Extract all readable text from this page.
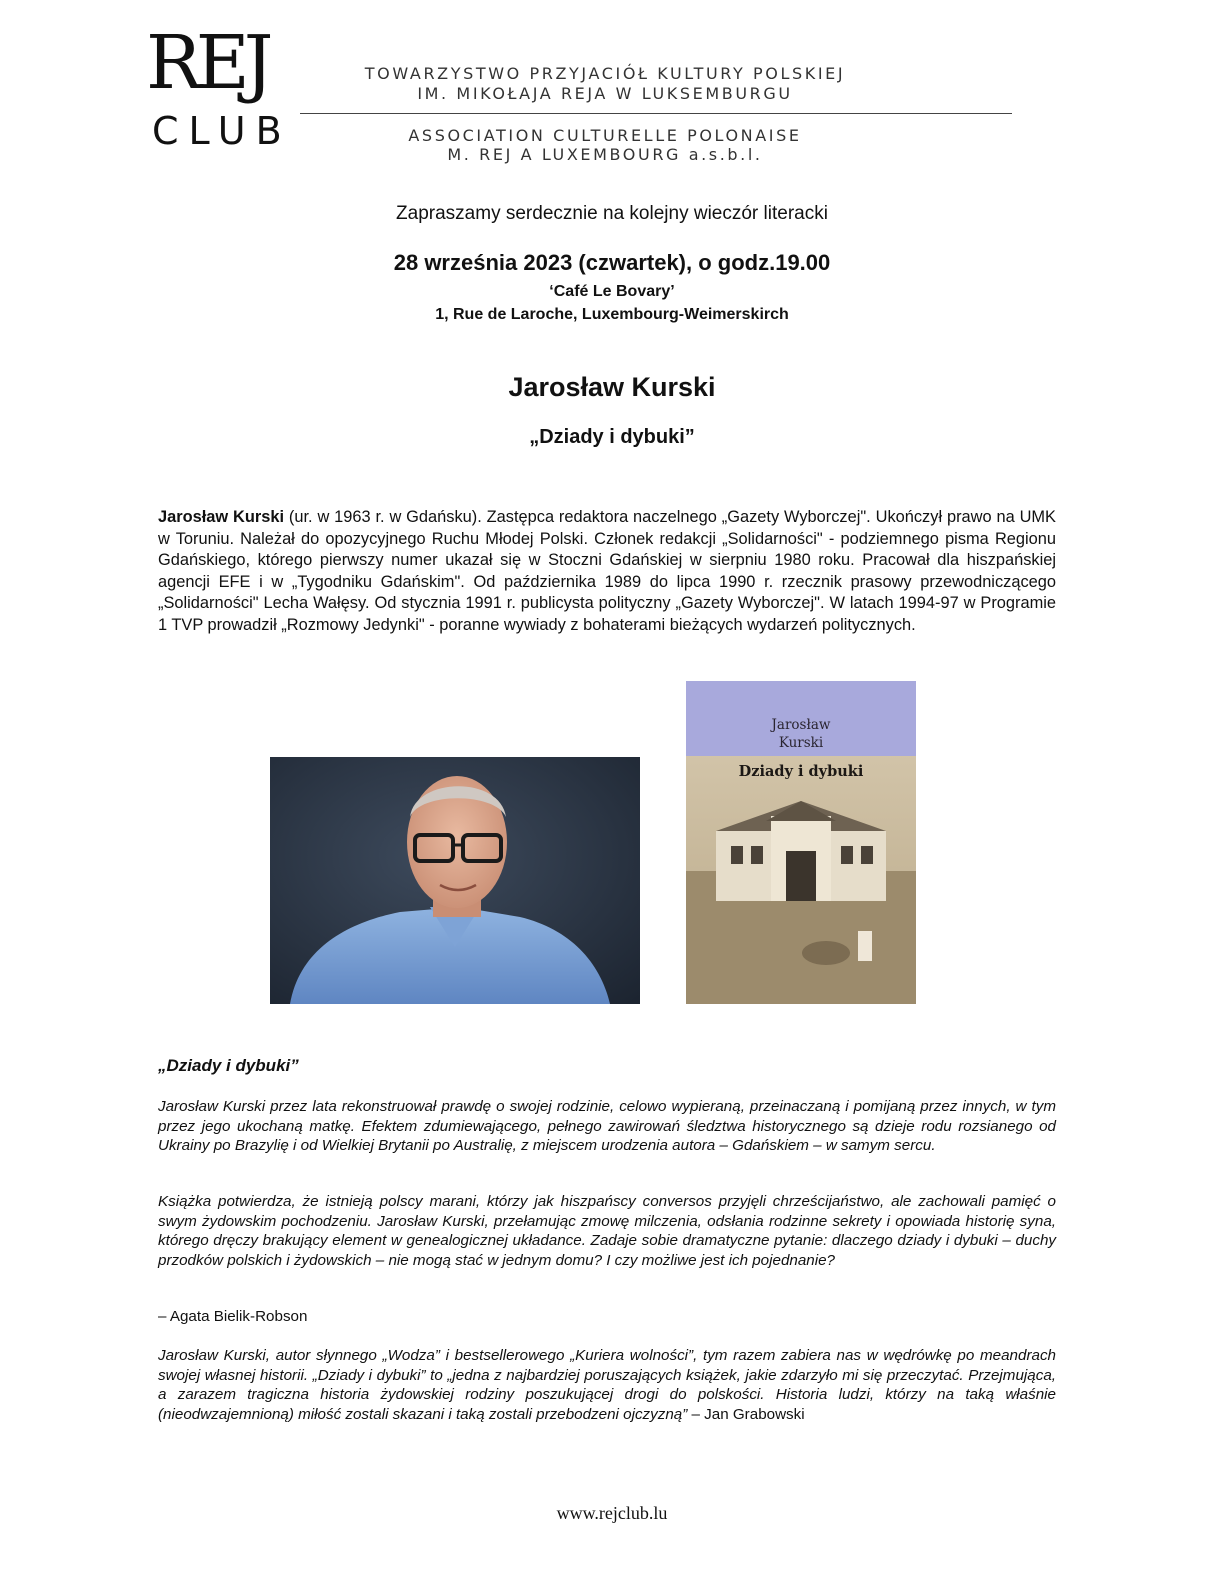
REJ
CLUB
TOWARZYSTWO PRZYJACIÓŁ KULTURY POLSKIEJ
IM. MIKOŁAJA REJA W LUKSEMBURGU
ASSOCIATION CULTURELLE POLONAISE
M. REJ A LUXEMBOURG a.s.b.l.
Zapraszamy serdecznie na kolejny wieczór literacki
28 września 2023 (czwartek), o godz.19.00
‘Café Le Bovary’
1, Rue de Laroche, Luxembourg-Weimerskirch
Jarosław Kurski
„Dziady i dybuki”
Jarosław Kurski (ur. w 1963 r. w Gdańsku). Zastępca redaktora naczelnego „Gazety Wyborczej". Ukończył prawo na UMK w Toruniu. Należał do opozycyjnego Ruchu Młodej Polski. Członek redakcji „Solidarności" - podziemnego pisma Regionu Gdańskiego, którego pierwszy numer ukazał się w Stoczni Gdańskiej w sierpniu 1980 roku. Pracował dla hiszpańskiej agencji EFE i w „Tygodniku Gdańskim". Od października 1989 do lipca 1990 r. rzecznik prasowy przewodniczącego „Solidarności" Lecha Wałęsy. Od stycznia 1991 r. publicysta polityczny „Gazety Wyborczej". W latach 1994-97 w Programie 1 TVP prowadził „Rozmowy Jedynki" - poranne wywiady z bohaterami bieżących wydarzeń politycznych.
Jarosław
Kurski
Dziady i dybuki
„Dziady i dybuki”
Jarosław Kurski przez lata rekonstruował prawdę o swojej rodzinie, celowo wypieraną, przeinaczaną i pomijaną przez innych, w tym przez jego ukochaną matkę. Efektem zdumiewającego, pełnego zawirowań śledztwa historycznego są dzieje rodu rozsianego od Ukrainy po Brazylię i od Wielkiej Brytanii po Australię, z miejscem urodzenia autora – Gdańskiem – w samym sercu.
Książka potwierdza, że istnieją polscy marani, którzy jak hiszpańscy conversos przyjęli chrześcijaństwo, ale zachowali pamięć o swym żydowskim pochodzeniu. Jarosław Kurski, przełamując zmowę milczenia, odsłania rodzinne sekrety i opowiada historię syna, którego dręczy brakujący element w genealogicznej układance. Zadaje sobie dramatyczne pytanie: dlaczego dziady i dybuki – duchy przodków polskich i żydowskich – nie mogą stać w jednym domu? I czy możliwe jest ich pojednanie?
– Agata Bielik-Robson
Jarosław Kurski, autor słynnego „Wodza” i bestsellerowego „Kuriera wolności”, tym razem zabiera nas w wędrówkę po meandrach swojej własnej historii. „Dziady i dybuki” to „jedna z najbardziej poruszających książek, jakie zdarzyło mi się przeczytać. Przejmująca, a zarazem tragiczna historia żydowskiej rodziny poszukującej drogi do polskości. Historia ludzi, którzy na taką właśnie (nieodwzajemnioną) miłość zostali skazani i taką zostali przebodzeni ojczyzną” – Jan Grabowski
www.rejclub.lu
